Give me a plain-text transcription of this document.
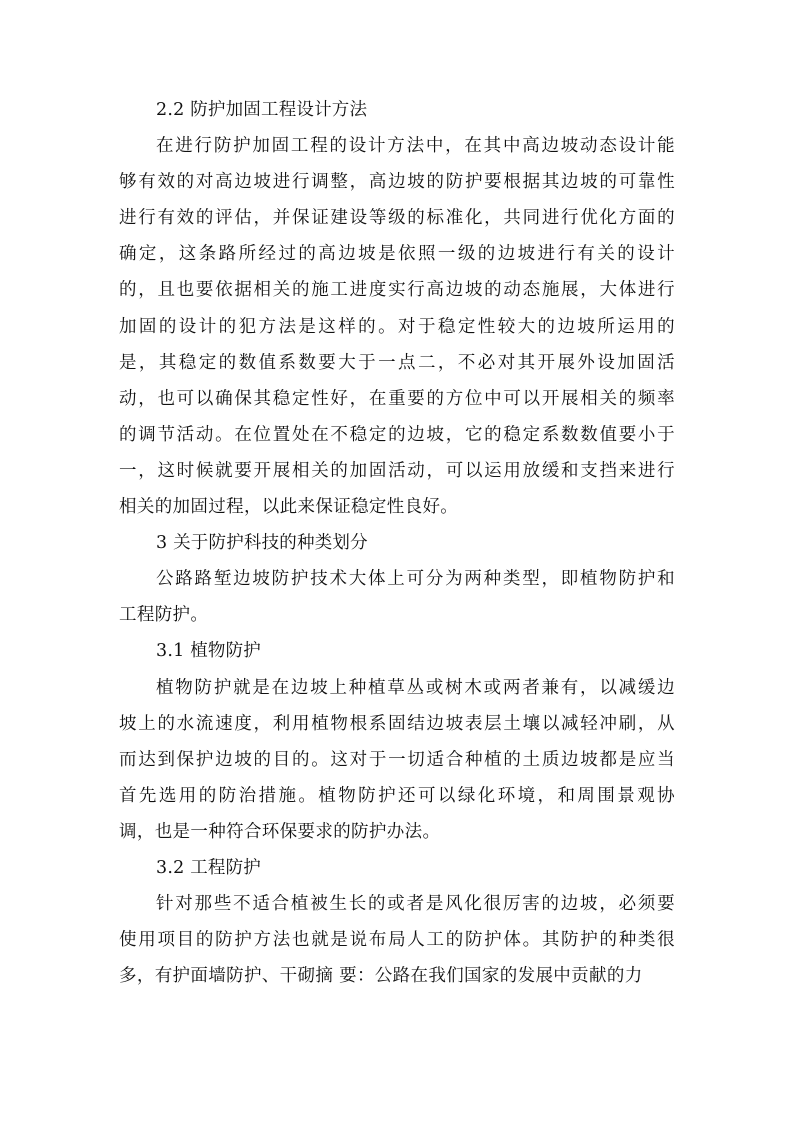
2.2 防护加固工程设计方法
在进行防护加固工程的设计方法中，在其中高边坡动态设计能
够有效的对高边坡进行调整，高边坡的防护要根据其边坡的可靠性
进行有效的评估，并保证建设等级的标准化，共同进行优化方面的
确定，这条路所经过的高边坡是依照一级的边坡进行有关的设计
的，且也要依据相关的施工进度实行高边坡的动态施展，大体进行
加固的设计的犯方法是这样的。对于稳定性较大的边坡所运用的
是，其稳定的数值系数要大于一点二，不必对其开展外设加固活
动，也可以确保其稳定性好，在重要的方位中可以开展相关的频率
的调节活动。在位置处在不稳定的边坡，它的稳定系数数值要小于
一，这时候就要开展相关的加固活动，可以运用放缓和支挡来进行
相关的加固过程，以此来保证稳定性良好。
3 关于防护科技的种类划分
公路路堑边坡防护技术大体上可分为两种类型，即植物防护和
工程防护。
3.1 植物防护
植物防护就是在边坡上种植草丛或树木或两者兼有，以减缓边
坡上的水流速度，利用植物根系固结边坡表层土壤以减轻冲刷，从
而达到保护边坡的目的。这对于一切适合种植的土质边坡都是应当
首先选用的防治措施。植物防护还可以绿化环境，和周围景观协
调，也是一种符合环保要求的防护办法。
3.2 工程防护
针对那些不适合植被生长的或者是风化很厉害的边坡，必须要
使用项目的防护方法也就是说布局人工的防护体。其防护的种类很
多，有护面墙防护、干砌摘 要：公路在我们国家的发展中贡献的力
